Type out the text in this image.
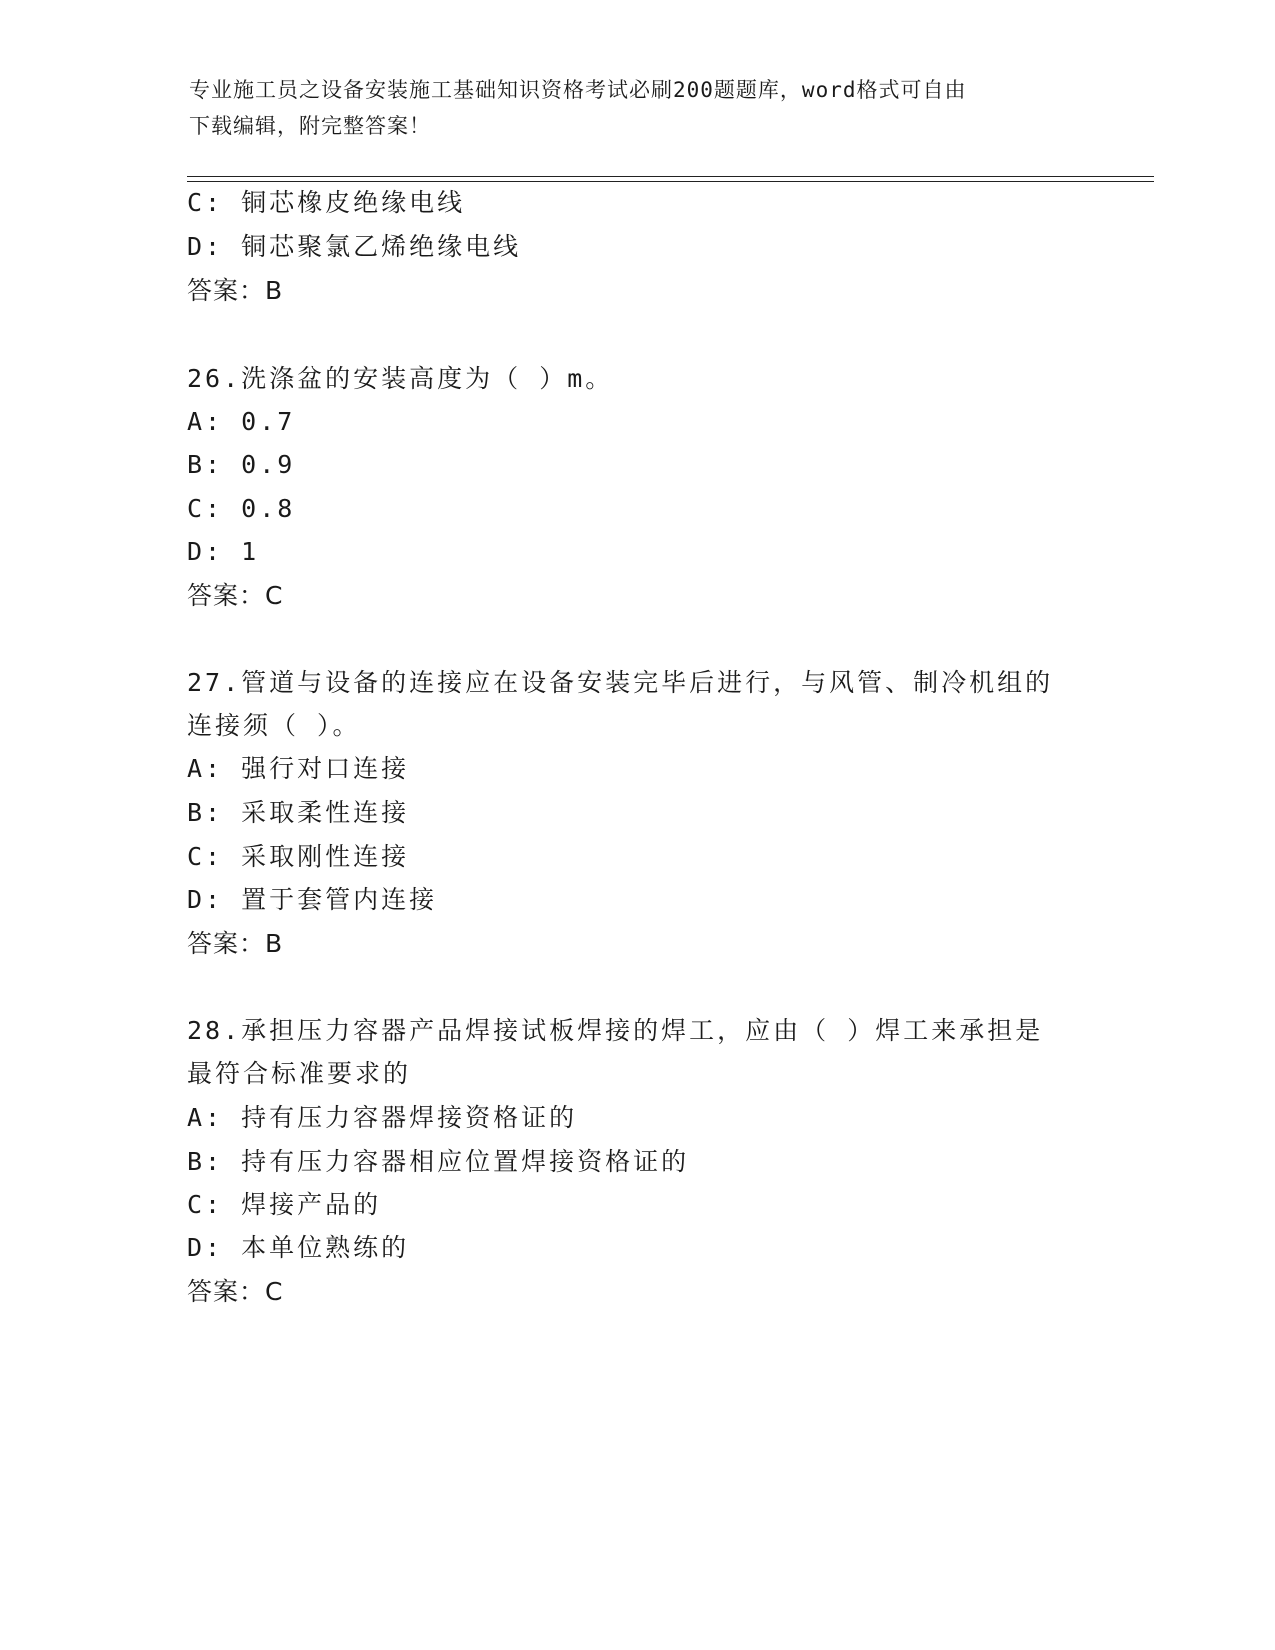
专业施工员之设备安装施工基础知识资格考试必刷200题题库，word格式可自由
下载编辑，附完整答案！
C: 铜芯橡皮绝缘电线
D: 铜芯聚氯乙烯绝缘电线
答案：B
26.洗涤盆的安装高度为（ ）m。
A: 0.7
B: 0.9
C: 0.8
D: 1
答案：C
27.管道与设备的连接应在设备安装完毕后进行，与风管、制冷机组的
连接须（ ）。
A: 强行对口连接
B: 采取柔性连接
C: 采取刚性连接
D: 置于套管内连接
答案：B
28.承担压力容器产品焊接试板焊接的焊工，应由（ ）焊工来承担是
最符合标准要求的
A: 持有压力容器焊接资格证的
B: 持有压力容器相应位置焊接资格证的
C: 焊接产品的
D: 本单位熟练的
答案：C
